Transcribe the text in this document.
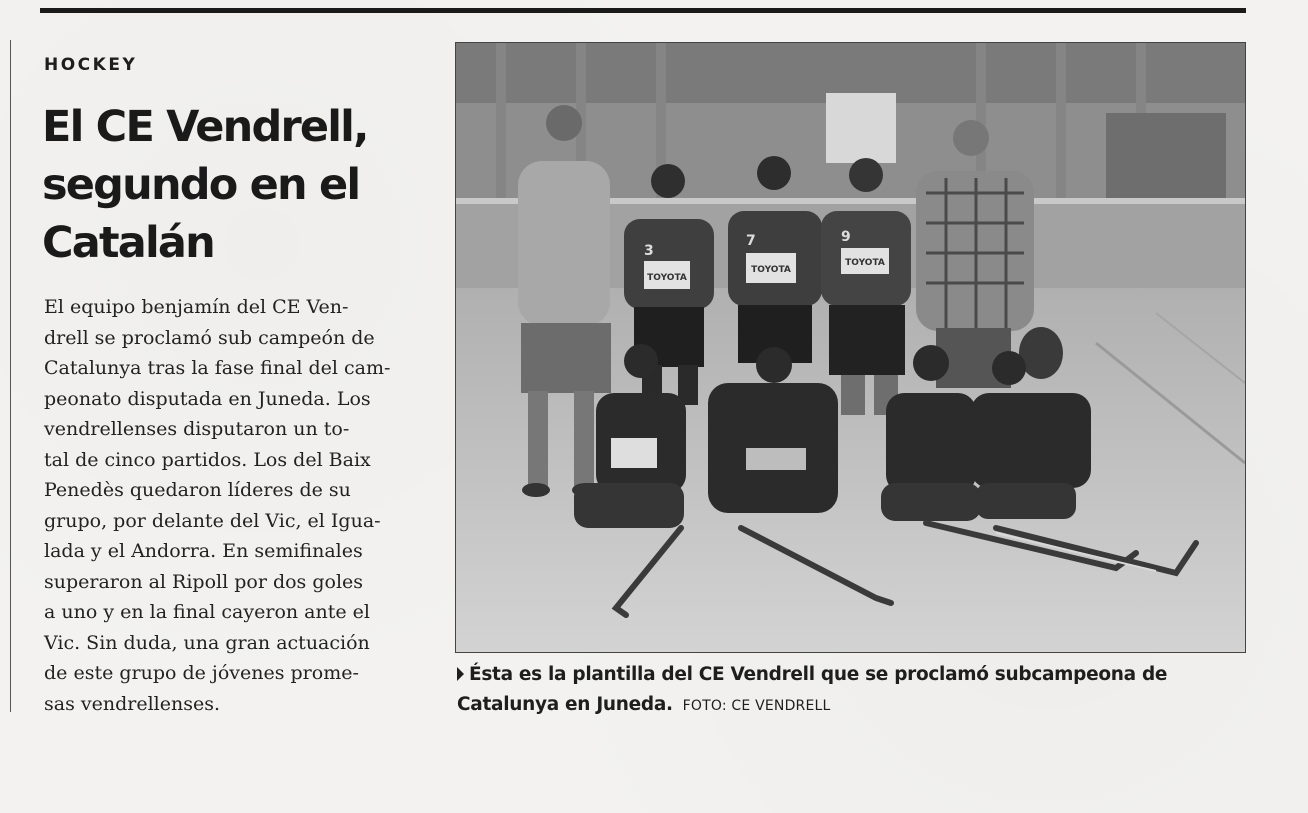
HOCKEY
El CE Vendrell,
segundo en el
Catalán

El equipo benjamín del CE Ven-
drell se proclamó sub campeón de
Catalunya tras la fase final del cam-
peonato disputada en Juneda. Los
vendrellenses disputaron un to-
tal de cinco partidos. Los del Baix
Penedès quedaron líderes de su
grupo, por delante del Vic, el Igua-
lada y el Andorra. En semifinales
superaron al Ripoll por dos goles
a uno y en la final cayeron ante el
Vic. Sin duda, una gran actuación
de este grupo de jóvenes prome-
sas vendrellenses.

TOYOTA
3
TOYOTA
7
TOYOTA
9

Ésta es la plantilla del CE Vendrell que se proclamó subcampeona de
Catalunya en Juneda. FOTO: CE VENDRELL
